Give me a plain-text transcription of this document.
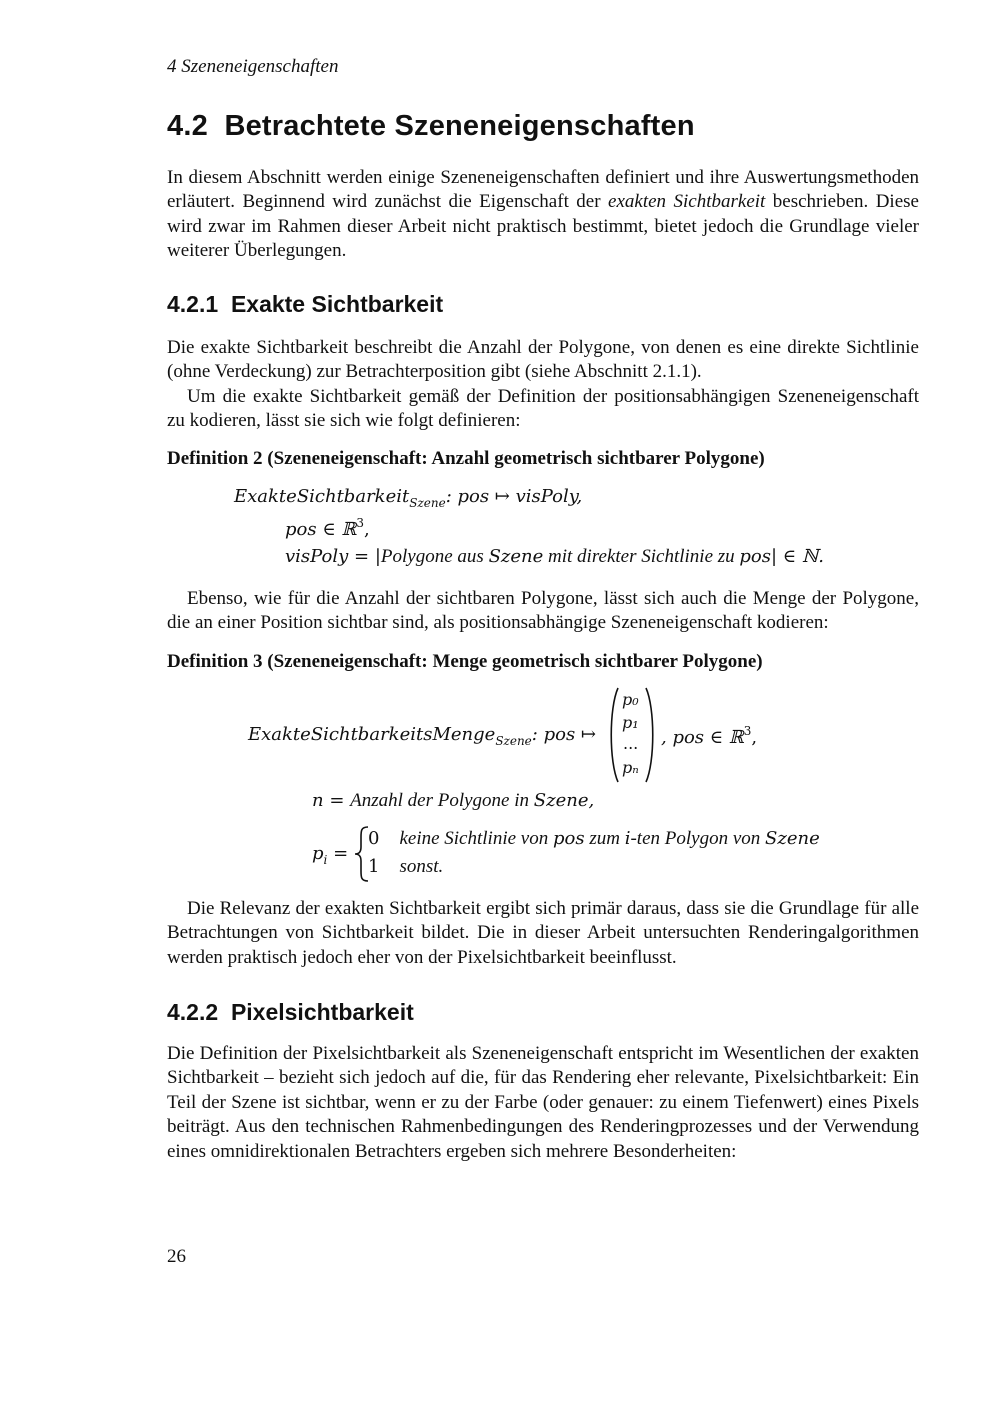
4 Szeneneigenschaften
4.2 Betrachtete Szeneneigenschaften

In diesem Abschnitt werden einige Szeneneigenschaften definiert und ihre Auswertungsmethoden erläutert. Beginnend wird zunächst die Eigenschaft der exakten Sichtbarkeit beschrieben. Diese wird zwar im Rahmen dieser Arbeit nicht praktisch bestimmt, bietet jedoch die Grundlage vieler weiterer Überlegungen.

4.2.1 Exakte Sichtbarkeit

Die exakte Sichtbarkeit beschreibt die Anzahl der Polygone, von denen es eine direkte Sichtlinie (ohne Verdeckung) zur Betrachterposition gibt (siehe Abschnitt 2.1.1).

Um die exakte Sichtbarkeit gemäß der Definition der positionsabhängigen Szeneneigenschaft zu kodieren, lässt sie sich wie folgt definieren:

Definition 2 (Szeneneigenschaft: Anzahl geometrisch sichtbarer Polygone)
ExakteSichtbarkeit$_{Szene}$: pos ↦ visPoly,
pos ∈ ℝ$^3$,
visPoly = |Polygone aus Szene mit direkter Sichtlinie zu pos| ∈ ℕ.

Ebenso, wie für die Anzahl der sichtbaren Polygone, lässt sich auch die Menge der Polygone, die an einer Position sichtbar sind, als positionsabhängige Szeneneigenschaft kodieren:

Definition 3 (Szeneneigenschaft: Menge geometrisch sichtbarer Polygone)
ExakteSichtbarkeitsMenge$_{Szene}$: pos ↦
p₀
p₁
...
pₙ
, pos ∈ ℝ$^3$,
n = Anzahl der Polygone in Szene,
$p_i$ =
0 keine Sichtlinie von pos zum i-ten Polygon von Szene
1 sonst.

Die Relevanz der exakten Sichtbarkeit ergibt sich primär daraus, dass sie die Grundlage für alle Betrachtungen von Sichtbarkeit bildet. Die in dieser Arbeit untersuchten Renderingalgorithmen werden praktisch jedoch eher von der Pixelsichtbarkeit beeinflusst.

4.2.2 Pixelsichtbarkeit

Die Definition der Pixelsichtbarkeit als Szeneneigenschaft entspricht im Wesentlichen der exakten Sichtbarkeit – bezieht sich jedoch auf die, für das Rendering eher relevante, Pixelsichtbarkeit: Ein Teil der Szene ist sichtbar, wenn er zu der Farbe (oder genauer: zu einem Tiefenwert) eines Pixels beiträgt. Aus den technischen Rahmenbedingungen des Renderingprozesses und der Verwendung eines omnidirektionalen Betrachters ergeben sich mehrere Besonderheiten:

26
